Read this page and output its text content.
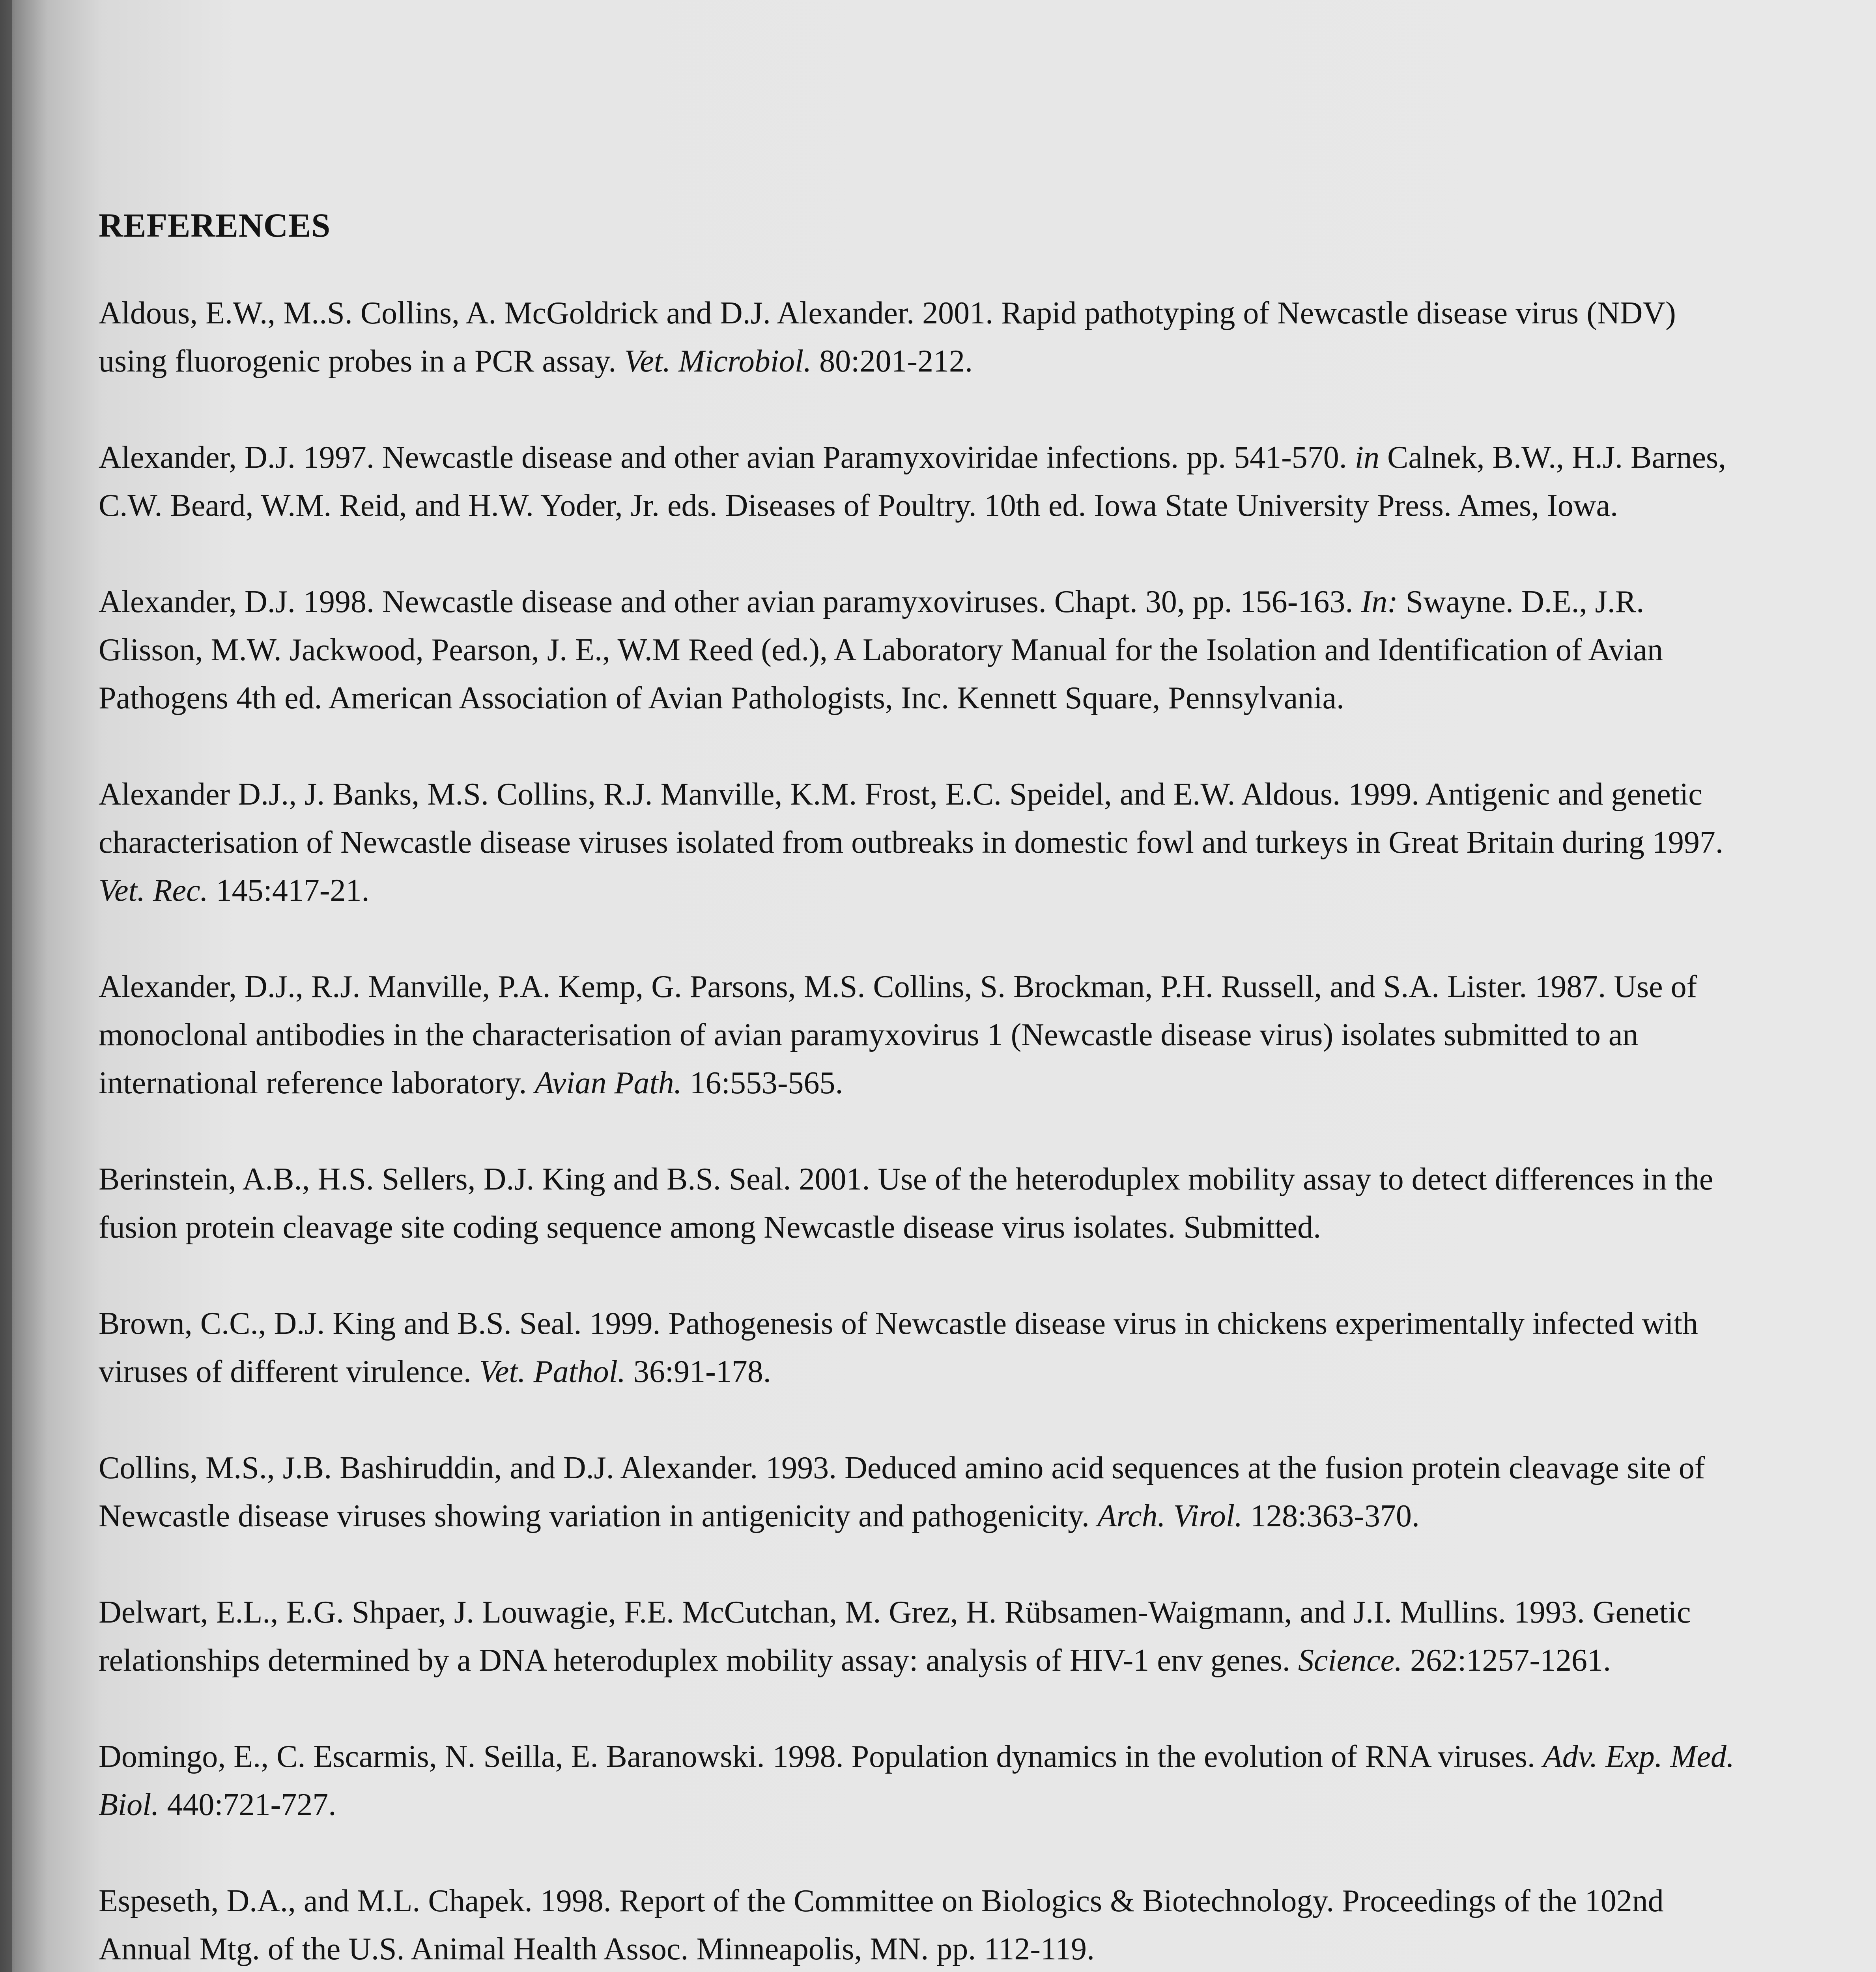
REFERENCES
Aldous, E.W., M..S. Collins, A. McGoldrick and D.J. Alexander. 2001. Rapid pathotyping of Newcastle disease virus (NDV) using fluorogenic probes in a PCR assay. Vet. Microbiol. 80:201-212.
Alexander, D.J. 1997. Newcastle disease and other avian Paramyxoviridae infections. pp. 541-570. in Calnek, B.W., H.J. Barnes, C.W. Beard, W.M. Reid, and H.W. Yoder, Jr. eds. Diseases of Poultry. 10th ed. Iowa State University Press. Ames, Iowa.
Alexander, D.J. 1998. Newcastle disease and other avian paramyxoviruses. Chapt. 30, pp. 156-163. In: Swayne. D.E., J.R. Glisson, M.W. Jackwood, Pearson, J. E., W.M Reed (ed.), A Laboratory Manual for the Isolation and Identification of Avian Pathogens 4th ed. American Association of Avian Pathologists, Inc. Kennett Square, Pennsylvania.
Alexander D.J., J. Banks, M.S. Collins, R.J. Manville, K.M. Frost, E.C. Speidel, and E.W. Aldous. 1999. Antigenic and genetic characterisation of Newcastle disease viruses isolated from outbreaks in domestic fowl and turkeys in Great Britain during 1997. Vet. Rec. 145:417-21.
Alexander, D.J., R.J. Manville, P.A. Kemp, G. Parsons, M.S. Collins, S. Brockman, P.H. Russell, and S.A. Lister. 1987. Use of monoclonal antibodies in the characterisation of avian paramyxovirus 1 (Newcastle disease virus) isolates submitted to an international reference laboratory. Avian Path. 16:553-565.
Berinstein, A.B., H.S. Sellers, D.J. King and B.S. Seal. 2001. Use of the heteroduplex mobility assay to detect differences in the fusion protein cleavage site coding sequence among Newcastle disease virus isolates. Submitted.
Brown, C.C., D.J. King and B.S. Seal. 1999. Pathogenesis of Newcastle disease virus in chickens experimentally infected with viruses of different virulence. Vet. Pathol. 36:91-178.
Collins, M.S., J.B. Bashiruddin, and D.J. Alexander. 1993. Deduced amino acid sequences at the fusion protein cleavage site of Newcastle disease viruses showing variation in antigenicity and pathogenicity. Arch. Virol. 128:363-370.
Delwart, E.L., E.G. Shpaer, J. Louwagie, F.E. McCutchan, M. Grez, H. Rübsamen-Waigmann, and J.I. Mullins. 1993. Genetic relationships determined by a DNA heteroduplex mobility assay: analysis of HIV-1 env genes. Science. 262:1257-1261.
Domingo, E., C. Escarmis, N. Seilla, E. Baranowski. 1998. Population dynamics in the evolution of RNA viruses. Adv. Exp. Med. Biol. 440:721-727.
Espeseth, D.A., and M.L. Chapek. 1998. Report of the Committee on Biologics & Biotechnology. Proceedings of the 102nd Annual Mtg. of the U.S. Animal Health Assoc. Minneapolis, MN. pp. 112-119.
